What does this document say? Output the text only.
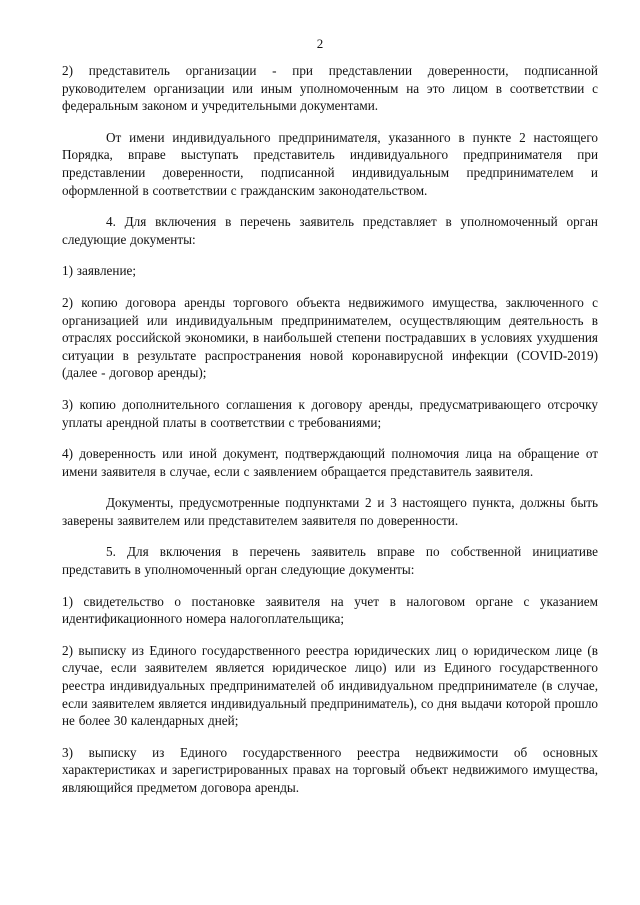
2

2) представитель организации - при представлении доверенности, подписанной руководителем организации или иным уполномоченным на это лицом в соответствии с федеральным законом и учредительными документами.

От имени индивидуального предпринимателя, указанного в пункте 2 настоящего Порядка, вправе выступать представитель индивидуального предпринимателя при представлении доверенности, подписанной индивидуальным предпринимателем и оформленной в соответствии с гражданским законодательством.

4. Для включения в перечень заявитель представляет в уполномоченный орган следующие документы:

1) заявление;

2) копию договора аренды торгового объекта недвижимого имущества, заключенного с организацией или индивидуальным предпринимателем, осуществляющим деятельность в отраслях российской экономики, в наибольшей степени пострадавших в условиях ухудшения ситуации в результате распространения новой коронавирусной инфекции (COVID-2019) (далее - договор аренды);

3) копию дополнительного соглашения к договору аренды, предусматривающего отсрочку уплаты арендной платы в соответствии с требованиями;

4) доверенность или иной документ, подтверждающий полномочия лица на обращение от имени заявителя в случае, если с заявлением обращается представитель заявителя.

Документы, предусмотренные подпунктами 2 и 3 настоящего пункта, должны быть заверены заявителем или представителем заявителя по доверенности.

5. Для включения в перечень заявитель вправе по собственной инициативе представить в уполномоченный орган следующие документы:

1) свидетельство о постановке заявителя на учет в налоговом органе с указанием идентификационного номера налогоплательщика;

2) выписку из Единого государственного реестра юридических лиц о юридическом лице (в случае, если заявителем является юридическое лицо) или из Единого государственного реестра индивидуальных предпринимателей об индивидуальном предпринимателе (в случае, если заявителем является индивидуальный предприниматель), со дня выдачи которой прошло не более 30 календарных дней;

3) выписку из Единого государственного реестра недвижимости об основных характеристиках и зарегистрированных правах на торговый объект недвижимого имущества, являющийся предметом договора аренды.
